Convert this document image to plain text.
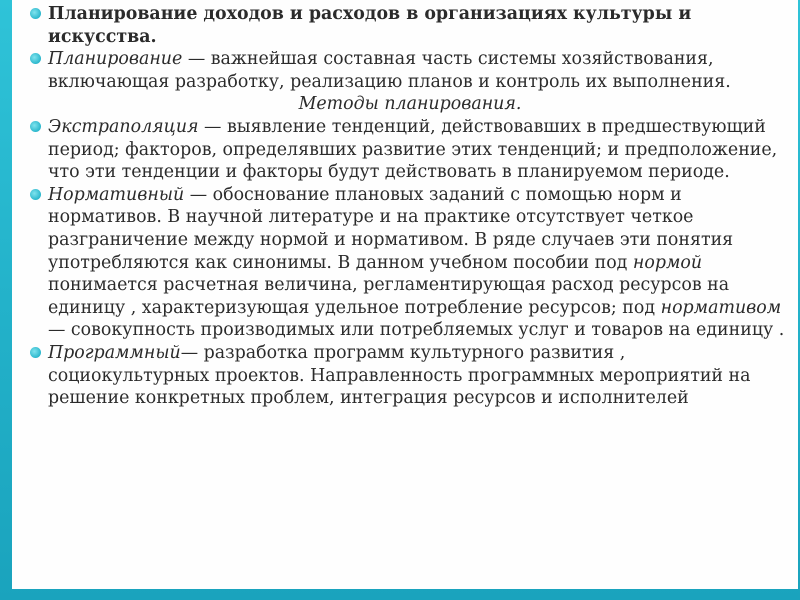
Планирование доходов и расходов в организациях культуры и искусства.

Планирование — важнейшая составная часть системы хозяйствования, включающая разработку, реализацию планов и контроль их выполнения.

Методы планирования.

Экстраполяция — выявление тенденций, действовавших в предшествующий период; факторов, определявших развитие этих тенденций; и предположение, что эти тенденции и факторы будут действовать в планируемом периоде.

Нормативный — обоснование плановых заданий с помощью норм и нормативов. В научной литературе и на практике отсутствует четкое разграничение между нормой и нормативом. В ряде случаев эти понятия употребляются как синонимы. В данном учебном пособии под нормой понимается расчетная величина, регламентирующая расход ресурсов на единицу , характеризующая удельное потребление ресурсов; под нормативом— совокупность производимых или потребляемых услуг и товаров на единицу .

Программный— разработка программ культурного развития , социокультурных проектов. Направленность программных мероприятий на решение конкретных проблем, интеграция ресурсов и исполнителей
